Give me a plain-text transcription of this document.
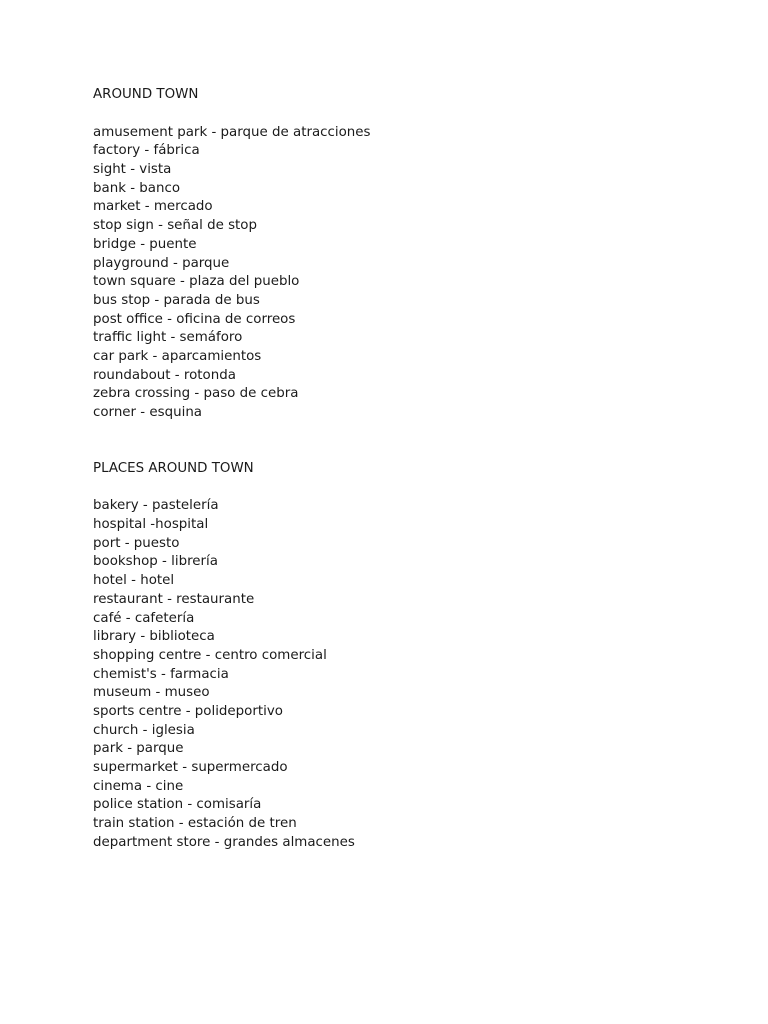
AROUND TOWN
amusement park - parque de atracciones
factory - fábrica
sight - vista
bank - banco
market - mercado
stop sign - señal de stop
bridge - puente
playground - parque
town square - plaza del pueblo
bus stop - parada de bus
post office - oficina de correos
traffic light - semáforo
car park - aparcamientos
roundabout - rotonda
zebra crossing - paso de cebra
corner - esquina
PLACES AROUND TOWN
bakery - pastelería
hospital -hospital
port - puesto
bookshop - librería
hotel - hotel
restaurant - restaurante
café - cafetería
library - biblioteca
shopping centre - centro comercial
chemist's - farmacia
museum - museo
sports centre - polideportivo
church - iglesia
park - parque
supermarket - supermercado
cinema - cine
police station - comisaría
train station - estación de tren
department store - grandes almacenes
